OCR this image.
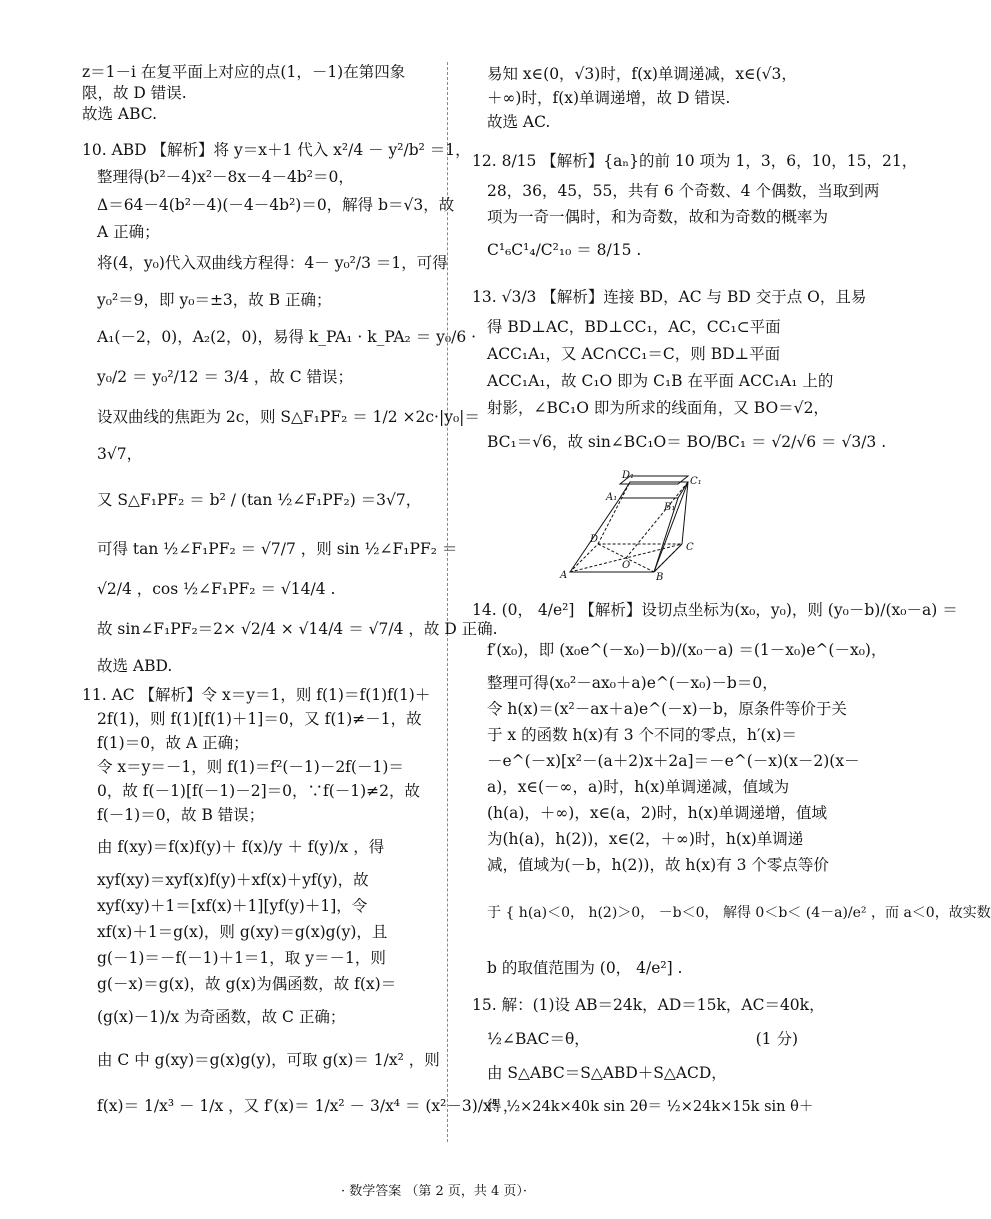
z＝1－i 在复平面上对应的点(1，－1)在第四象

限，故 D 错误.

故选 ABC.

10. ABD 【解析】将 y＝x＋1 代入 x²/4 － y²/b² ＝1，

整理得(b²－4)x²－8x－4－4b²＝0，

Δ＝64－4(b²－4)(－4－4b²)＝0，解得 b＝√3，故

A 正确；

将(4，y₀)代入双曲线方程得：4－ y₀²/3 ＝1，可得

y₀²＝9，即 y₀＝±3，故 B 正确；

A₁(－2，0)，A₂(2，0)，易得 k_PA₁ · k_PA₂ ＝ y₀/6 ·

y₀/2 ＝ y₀²/12 ＝ 3/4 ，故 C 错误；

设双曲线的焦距为 2c，则 S△F₁PF₂ ＝ 1/2 ×2c·|y₀|＝

3√7，

又 S△F₁PF₂ ＝ b² / (tan ½∠F₁PF₂) ＝3√7，

可得 tan ½∠F₁PF₂ ＝ √7/7 ，则 sin ½∠F₁PF₂ ＝

√2/4 ，cos ½∠F₁PF₂ ＝ √14/4 .

故 sin∠F₁PF₂＝2× √2/4 × √14/4 ＝ √7/4 ，故 D 正确.

故选 ABD.

11. AC 【解析】令 x＝y＝1，则 f(1)＝f(1)f(1)＋

2f(1)，则 f(1)[f(1)＋1]＝0，又 f(1)≠－1，故

f(1)＝0，故 A 正确；

令 x＝y＝－1，则 f(1)＝f²(－1)－2f(－1)＝

0，故 f(－1)[f(－1)－2]＝0，∵f(－1)≠2，故

f(－1)＝0，故 B 错误；

由 f(xy)＝f(x)f(y)＋ f(x)/y ＋ f(y)/x ，得

xyf(xy)＝xyf(x)f(y)＋xf(x)＋yf(y)，故

xyf(xy)＋1＝[xf(x)＋1][yf(y)＋1]，令

xf(x)＋1＝g(x)，则 g(xy)＝g(x)g(y)，且

g(－1)＝－f(－1)＋1＝1，取 y＝－1，则

g(－x)＝g(x)，故 g(x)为偶函数，故 f(x)＝

(g(x)－1)/x 为奇函数，故 C 正确；

由 C 中 g(xy)＝g(x)g(y)，可取 g(x)＝ 1/x² ，则

f(x)＝ 1/x³ － 1/x ，又 f′(x)＝ 1/x² － 3/x⁴ ＝ (x²－3)/x⁴ ，

易知 x∈(0，√3)时，f(x)单调递减，x∈(√3，

＋∞)时，f(x)单调递增，故 D 错误.

故选 AC.

12. 8/15 【解析】{aₙ}的前 10 项为 1，3，6，10，15，21，

28，36，45，55，共有 6 个奇数、4 个偶数，当取到两

项为一奇一偶时，和为奇数，故和为奇数的概率为

C¹₆C¹₄/C²₁₀ ＝ 8/15 .

13. √3/3 【解析】连接 BD，AC 与 BD 交于点 O，且易

得 BD⊥AC，BD⊥CC₁，AC，CC₁⊂平面

ACC₁A₁，又 AC∩CC₁＝C，则 BD⊥平面

ACC₁A₁，故 C₁O 即为 C₁B 在平面 ACC₁A₁ 上的

射影，∠BC₁O 即为所求的线面角，又 BO＝√2，

BC₁＝√6，故 sin∠BC₁O＝ BO/BC₁ ＝ √2/√6 ＝ √3/3 .

D₁
C₁
A₁
B₁
D
C
O
A	B

14. (0， 4/e²] 【解析】设切点坐标为(x₀，y₀)，则 (y₀－b)/(x₀－a) ＝

f′(x₀)，即 (x₀e^(－x₀)－b)/(x₀－a) ＝(1－x₀)e^(－x₀)，

整理可得(x₀²－ax₀＋a)e^(－x₀)－b＝0，

令 h(x)＝(x²－ax＋a)e^(－x)－b，原条件等价于关

于 x 的函数 h(x)有 3 个不同的零点，h′(x)＝

－e^(－x)[x²－(a＋2)x＋2a]＝－e^(－x)(x－2)(x－

a)，x∈(－∞，a)时，h(x)单调递减，值域为

(h(a)，＋∞)，x∈(a，2)时，h(x)单调递增，值域

为(h(a)，h(2))，x∈(2，＋∞)时，h(x)单调递

减，值域为(－b，h(2))，故 h(x)有 3 个零点等价

于 { h(a)＜0， h(2)＞0， －b＜0， 解得 0＜b＜ (4－a)/e² ，而 a＜0，故实数

b 的取值范围为 (0， 4/e²] .

15. 解：(1)设 AB＝24k，AD＝15k，AC＝40k，

½∠BAC＝θ，	(1 分)

由 S△ABC＝S△ABD＋S△ACD，

得 ½×24k×40k sin 2θ＝ ½×24k×15k sin θ＋

· 数学答案 （第 2 页，共 4 页）·
